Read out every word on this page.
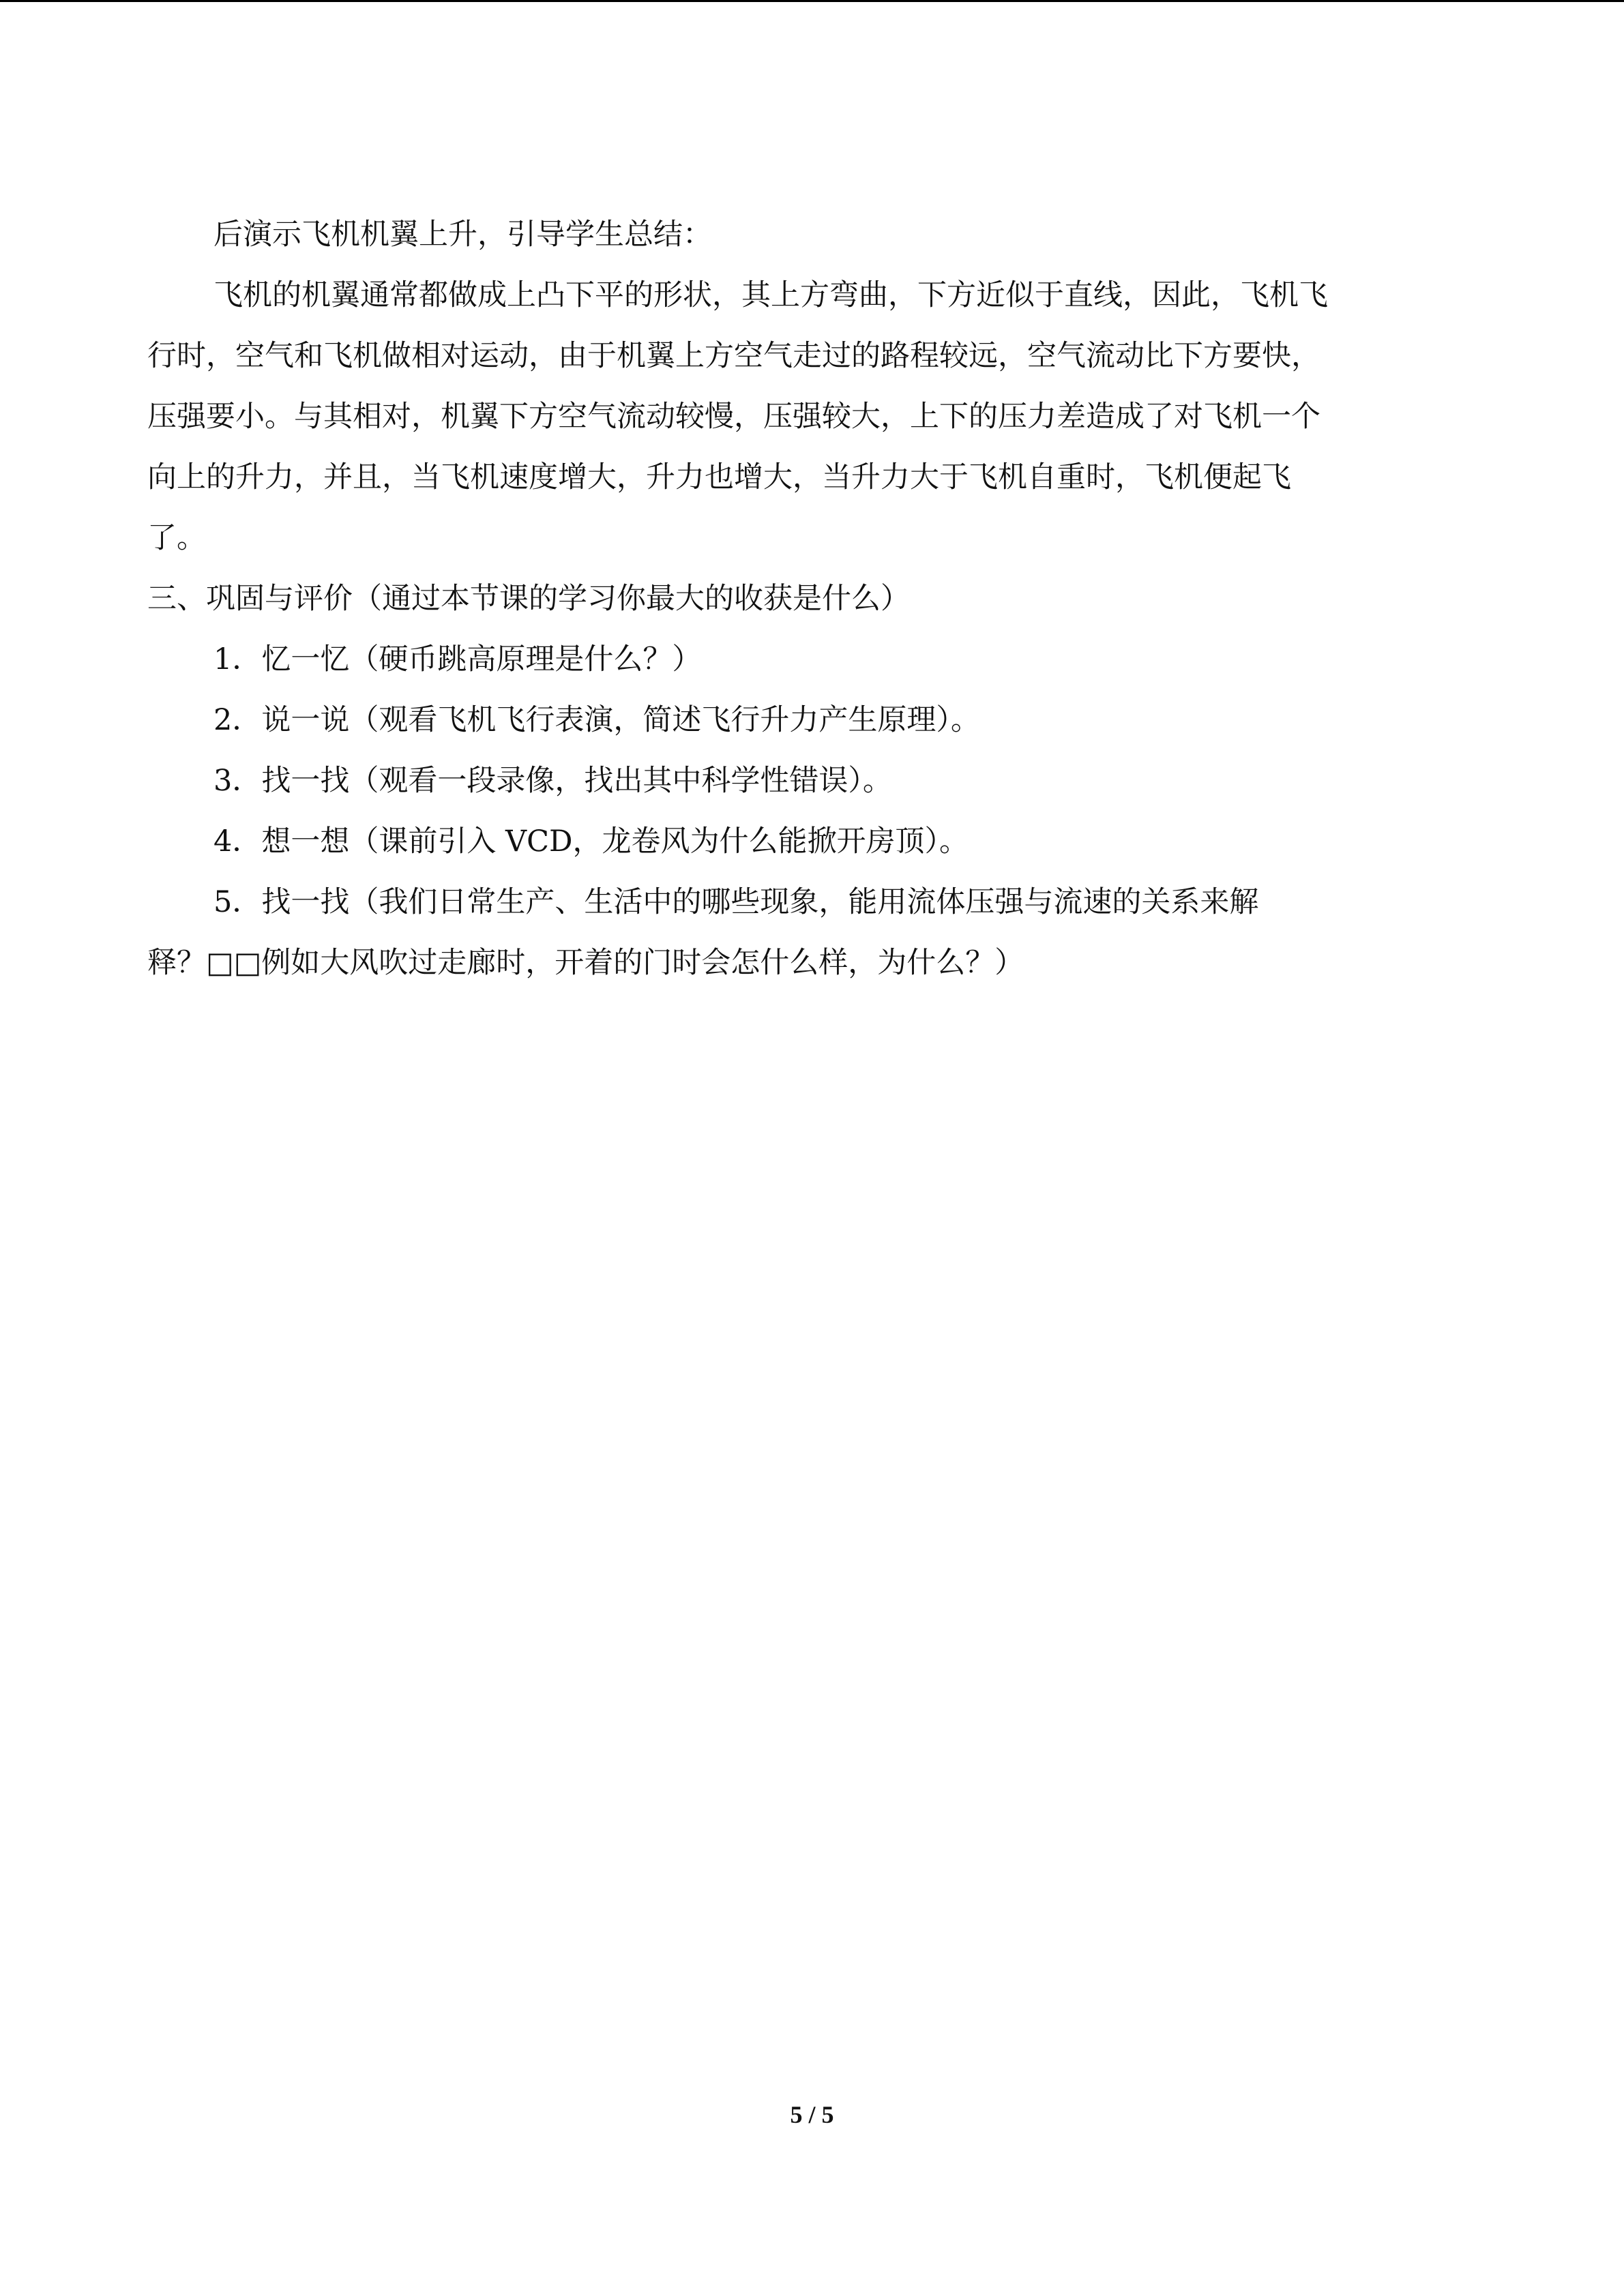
后演示飞机机翼上升，引导学生总结：
飞机的机翼通常都做成上凸下平的形状，其上方弯曲，下方近似于直线，因此，飞机飞
行时，空气和飞机做相对运动，由于机翼上方空气走过的路程较远，空气流动比下方要快，
压强要小。与其相对，机翼下方空气流动较慢，压强较大，上下的压力差造成了对飞机一个
向上的升力，并且，当飞机速度增大，升力也增大，当升力大于飞机自重时，飞机便起飞
了。
三、巩固与评价（通过本节课的学习你最大的收获是什么）
1．忆一忆（硬币跳高原理是什么？）
2．说一说（观看飞机飞行表演，简述飞行升力产生原理）。
3．找一找（观看一段录像，找出其中科学性错误）。
4．想一想（课前引入 VCD，龙卷风为什么能掀开房顶）。
5．找一找（我们日常生产、生活中的哪些现象，能用流体压强与流速的关系来解
释？□□例如大风吹过走廊时，开着的门时会怎什么样，为什么？）
5 / 5
